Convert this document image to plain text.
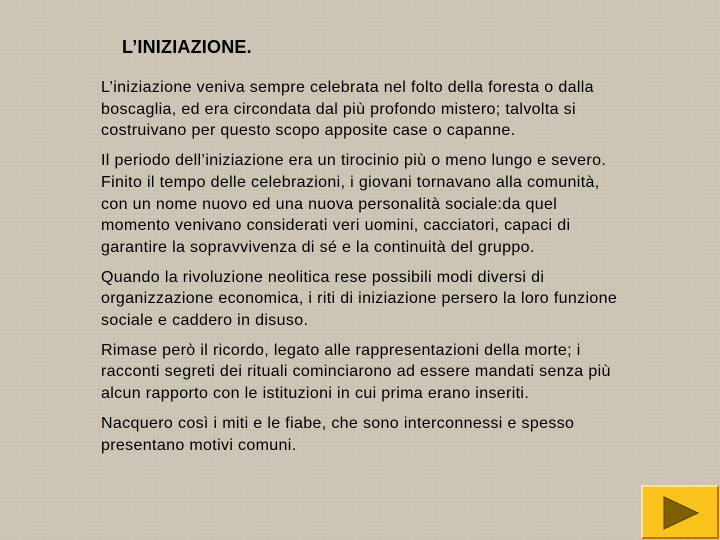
L’INIZIAZIONE.

L’iniziazione veniva sempre celebrata nel folto della foresta o dalla boscaglia, ed era circondata dal più profondo mistero; talvolta si costruivano per questo scopo apposite case o capanne.

Il periodo dell’iniziazione era un tirocinio più o meno lungo e severo. Finito il tempo delle celebrazioni, i giovani tornavano alla comunità, con un nome nuovo ed una nuova personalità sociale:da quel momento venivano considerati veri uomini, cacciatori, capaci di garantire la sopravvivenza di sé e la continuità del gruppo.

Quando la rivoluzione neolitica rese possibili modi diversi di organizzazione economica, i riti di iniziazione persero la loro funzione sociale e caddero in disuso.

Rimase però il ricordo, legato alle rappresentazioni della morte; i racconti segreti dei rituali cominciarono ad essere mandati senza più alcun rapporto con le istituzioni in cui prima erano inseriti.

Nacquero così i miti e le fiabe, che sono interconnessi e spesso presentano motivi comuni.
